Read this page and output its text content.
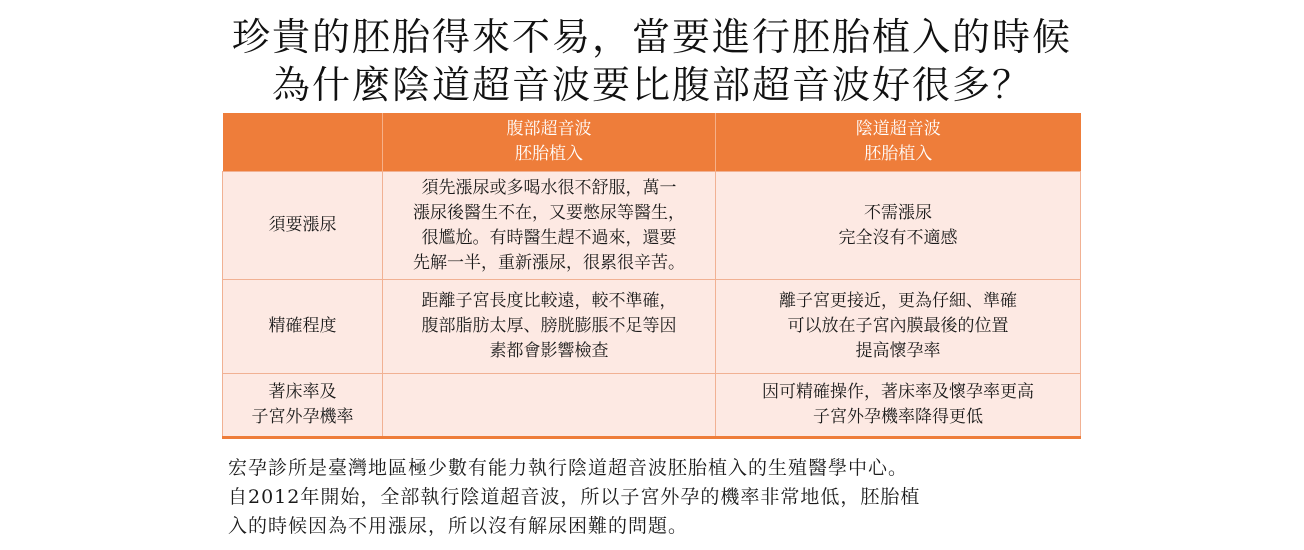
珍貴的胚胎得來不易，當要進行胚胎植入的時候
為什麼陰道超音波要比腹部超音波好很多？

	腹部超音波
胚胎植入	陰道超音波
胚胎植入

須要漲尿	須先漲尿或多喝水很不舒服，萬一
漲尿後醫生不在，又要憋尿等醫生，
很尷尬。有時醫生趕不過來，還要
先解一半，重新漲尿，很累很辛苦。	不需漲尿
完全沒有不適感

精確程度	距離子宮長度比較遠，較不準確，
腹部脂肪太厚、膀胱膨脹不足等因
素都會影響檢查	離子宮更接近，更為仔細、準確
可以放在子宮內膜最後的位置
提高懷孕率

著床率及
子宮外孕機率		因可精確操作，著床率及懷孕率更高
子宮外孕機率降得更低
宏孕診所是臺灣地區極少數有能力執行陰道超音波胚胎植入的生殖醫學中心。
自2012年開始，全部執行陰道超音波，所以子宮外孕的機率非常地低，胚胎植
入的時候因為不用漲尿，所以沒有解尿困難的問題。
